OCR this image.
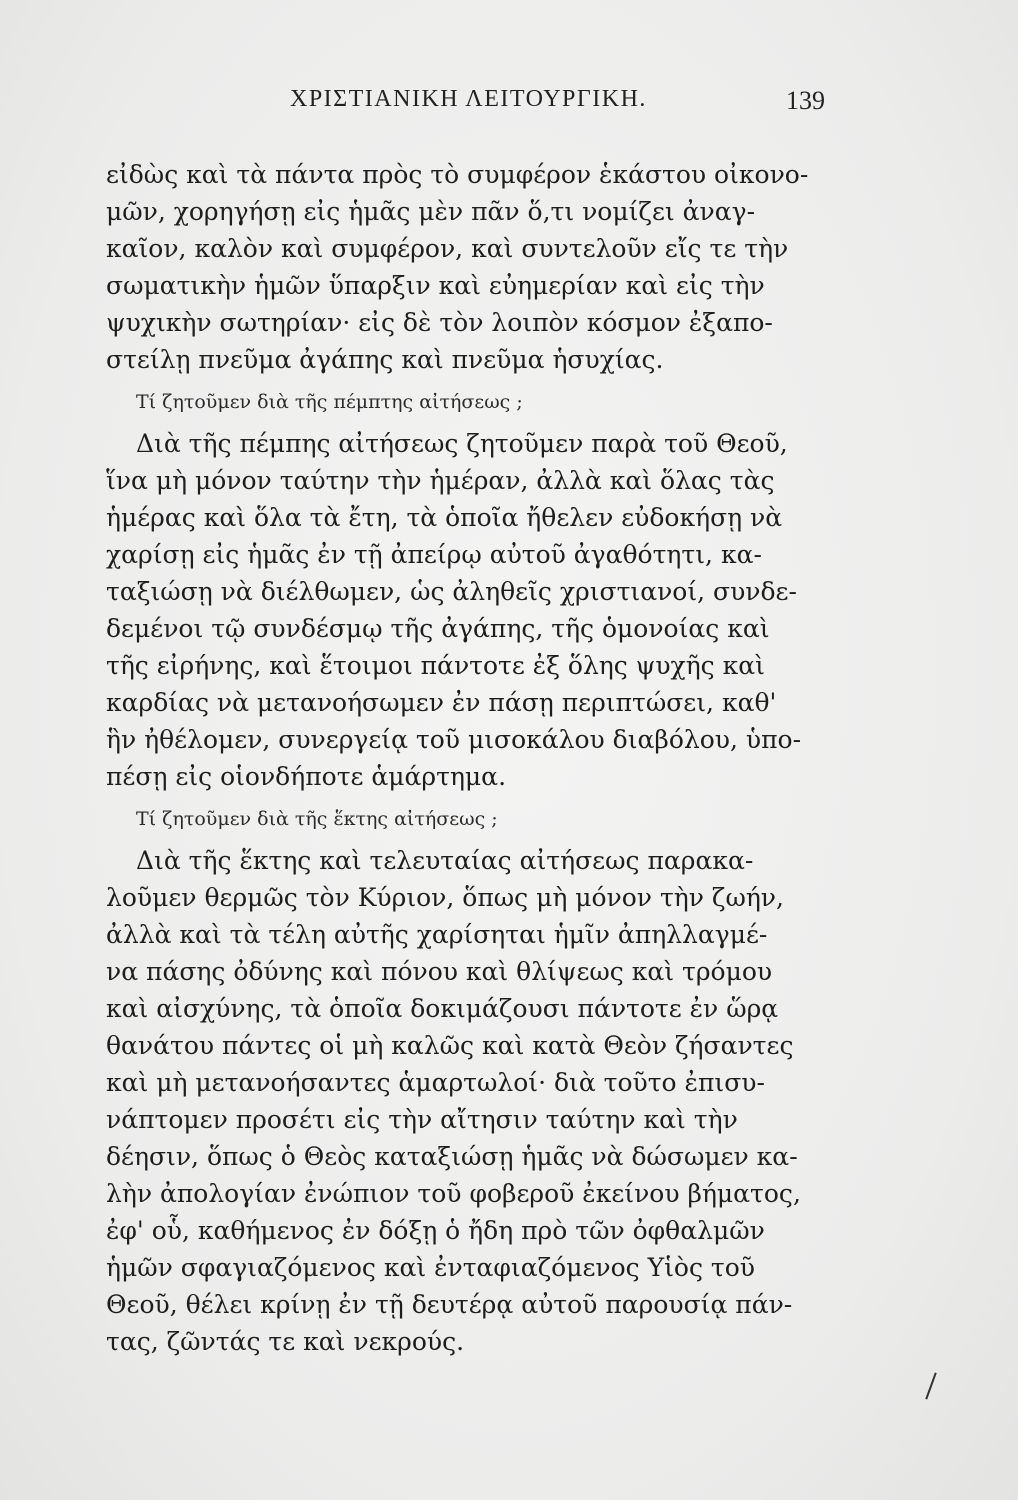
ΧΡΙΣΤΙΑΝΙΚΗ ΛΕΙΤΟΥΡΓΙΚΗ.	139
εἰδὼς καὶ τὰ πάντα πρὸς τὸ συμφέρον ἑκάστου οἰκονο-
μῶν, χορηγήσῃ εἰς ἡμᾶς μὲν πᾶν ὅ,τι νομίζει ἀναγ-
καῖον, καλὸν καὶ συμφέρον, καὶ συντελοῦν εἴς τε τὴν
σωματικὴν ἡμῶν ὕπαρξιν καὶ εὐημερίαν καὶ εἰς τὴν
ψυχικὴν σωτηρίαν· εἰς δὲ τὸν λοιπὸν κόσμον ἐξαπο-
στείλῃ πνεῦμα ἀγάπης καὶ πνεῦμα ἡσυχίας.
Τί ζητοῦμεν διὰ τῆς πέμπτης αἰτήσεως ;
Διὰ τῆς πέμπης αἰτήσεως ζητοῦμεν παρὰ τοῦ Θεοῦ,
ἵνα μὴ μόνον ταύτην τὴν ἡμέραν, ἀλλὰ καὶ ὅλας τὰς
ἡμέρας καὶ ὅλα τὰ ἔτη, τὰ ὁποῖα ἤθελεν εὐδοκήσῃ νὰ
χαρίσῃ εἰς ἡμᾶς ἐν τῇ ἀπείρῳ αὐτοῦ ἀγαθότητι, κα-
ταξιώσῃ νὰ διέλθωμεν, ὡς ἀληθεῖς χριστιανοί, συνδε-
δεμένοι τῷ συνδέσμῳ τῆς ἀγάπης, τῆς ὁμονοίας καὶ
τῆς εἰρήνης, καὶ ἕτοιμοι πάντοτε ἐξ ὅλης ψυχῆς καὶ
καρδίας νὰ μετανοήσωμεν ἐν πάσῃ περιπτώσει, καθ'
ἣν ἠθέλομεν, συνεργείᾳ τοῦ μισοκάλου διαβόλου, ὑπο-
πέσῃ εἰς οἱονδήποτε ἁμάρτημα.
Τί ζητοῦμεν διὰ τῆς ἕκτης αἰτήσεως ;
Διὰ τῆς ἕκτης καὶ τελευταίας αἰτήσεως παρακα-
λοῦμεν θερμῶς τὸν Κύριον, ὅπως μὴ μόνον τὴν ζωήν,
ἀλλὰ καὶ τὰ τέλη αὐτῆς χαρίσηται ἡμῖν ἀπηλλαγμέ-
να πάσης ὀδύνης καὶ πόνου καὶ θλίψεως καὶ τρόμου
καὶ αἰσχύνης, τὰ ὁποῖα δοκιμάζουσι πάντοτε ἐν ὥρᾳ
θανάτου πάντες οἱ μὴ καλῶς καὶ κατὰ Θεὸν ζήσαντες
καὶ μὴ μετανοήσαντες ἁμαρτωλοί· διὰ τοῦτο ἐπισυ-
νάπτομεν προσέτι εἰς τὴν αἴτησιν ταύτην καὶ τὴν
δέησιν, ὅπως ὁ Θεὸς καταξιώσῃ ἡμᾶς νὰ δώσωμεν κα-
λὴν ἀπολογίαν ἐνώπιον τοῦ φοβεροῦ ἐκείνου βήματος,
ἐφ' οὗ, καθήμενος ἐν δόξῃ ὁ ἤδη πρὸ τῶν ὀφθαλμῶν
ἡμῶν σφαγιαζόμενος καὶ ἐνταφιαζόμενος Υἱὸς τοῦ
Θεοῦ, θέλει κρίνῃ ἐν τῇ δευτέρᾳ αὐτοῦ παρουσίᾳ πάν-
τας, ζῶντάς τε καὶ νεκρούς.
